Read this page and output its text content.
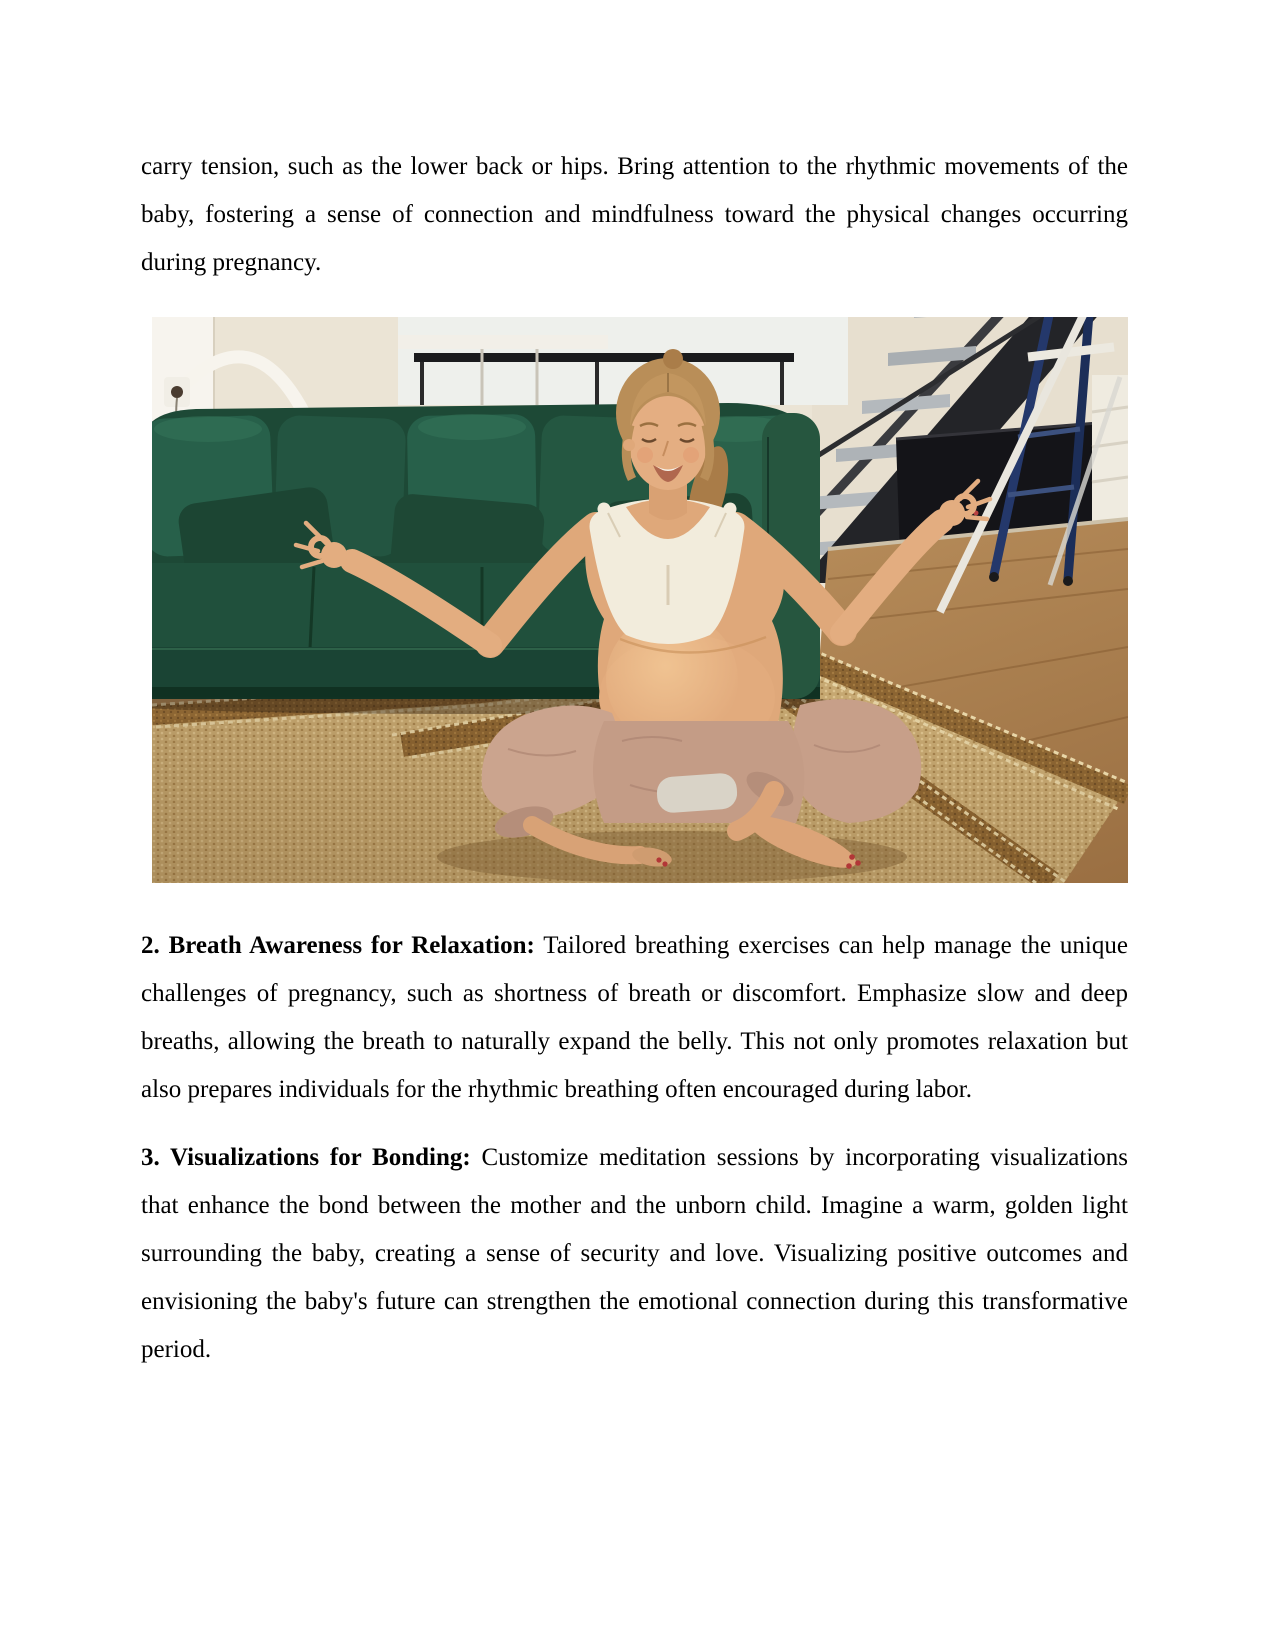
carry tension, such as the lower back or hips. Bring attention to the rhythmic movements of the baby, fostering a sense of connection and mindfulness toward the physical changes occurring during pregnancy.

2. Breath Awareness for Relaxation: Tailored breathing exercises can help manage the unique challenges of pregnancy, such as shortness of breath or discomfort. Emphasize slow and deep breaths, allowing the breath to naturally expand the belly. This not only promotes relaxation but also prepares individuals for the rhythmic breathing often encouraged during labor.

3. Visualizations for Bonding: Customize meditation sessions by incorporating visualizations that enhance the bond between the mother and the unborn child. Imagine a warm, golden light surrounding the baby, creating a sense of security and love. Visualizing positive outcomes and envisioning the baby's future can strengthen the emotional connection during this transformative period.
